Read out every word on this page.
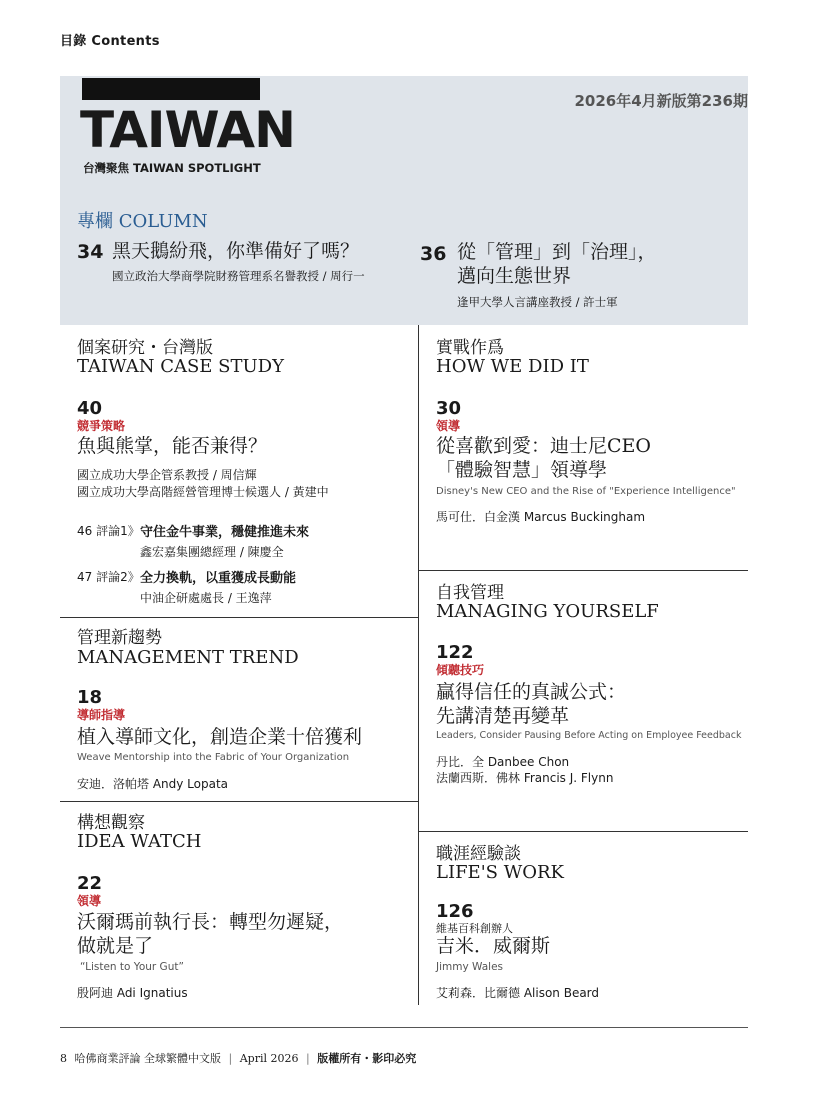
目錄 Contents
TAIWAN
台灣聚焦 TAIWAN SPOTLIGHT
2026年4月新版第236期
專欄 COLUMN
34 黑天鵝紛飛，你準備好了嗎？
國立政治大學商學院財務管理系名譽教授 / 周行一
36 從「管理」到「治理」，
邁向生態世界
逢甲大學人言講座教授 / 許士軍
個案研究・台灣版
TAIWAN CASE STUDY
40
競爭策略
魚與熊掌，能否兼得？
國立成功大學企管系教授 / 周信輝
國立成功大學高階經營管理博士候選人 / 黃建中
46 評論1》 守住金牛事業，穩健推進未來
鑫宏嘉集團總經理 / 陳慶全
47 評論2》 全力換軌，以重獲成長動能
中油企研處處長 / 王逸萍
實戰作爲
HOW WE DID IT
30
領導
從喜歡到愛：迪士尼CEO
「體驗智慧」領導學
Disney's New CEO and the Rise of "Experience Intelligence"
馬可仕．白金漢 Marcus Buckingham
自我管理
MANAGING YOURSELF
122
傾聽技巧
贏得信任的真誠公式：
先講清楚再變革
Leaders, Consider Pausing Before Acting on Employee Feedback
丹比．全 Danbee Chon
法蘭西斯．佛林 Francis J. Flynn
管理新趨勢
MANAGEMENT TREND
18
導師指導
植入導師文化，創造企業十倍獲利
Weave Mentorship into the Fabric of Your Organization
安迪．洛帕塔 Andy Lopata
構想觀察
IDEA WATCH
22
領導
沃爾瑪前執行長：轉型勿遲疑，
做就是了
“Listen to Your Gut”
殷阿迪 Adi Ignatius
職涯經驗談
LIFE'S WORK
126
維基百科創辦人
吉米．威爾斯
Jimmy Wales
艾莉森．比爾德 Alison Beard
8 哈佛商業評論 全球繁體中文版 | April 2026 | 版權所有・影印必究
